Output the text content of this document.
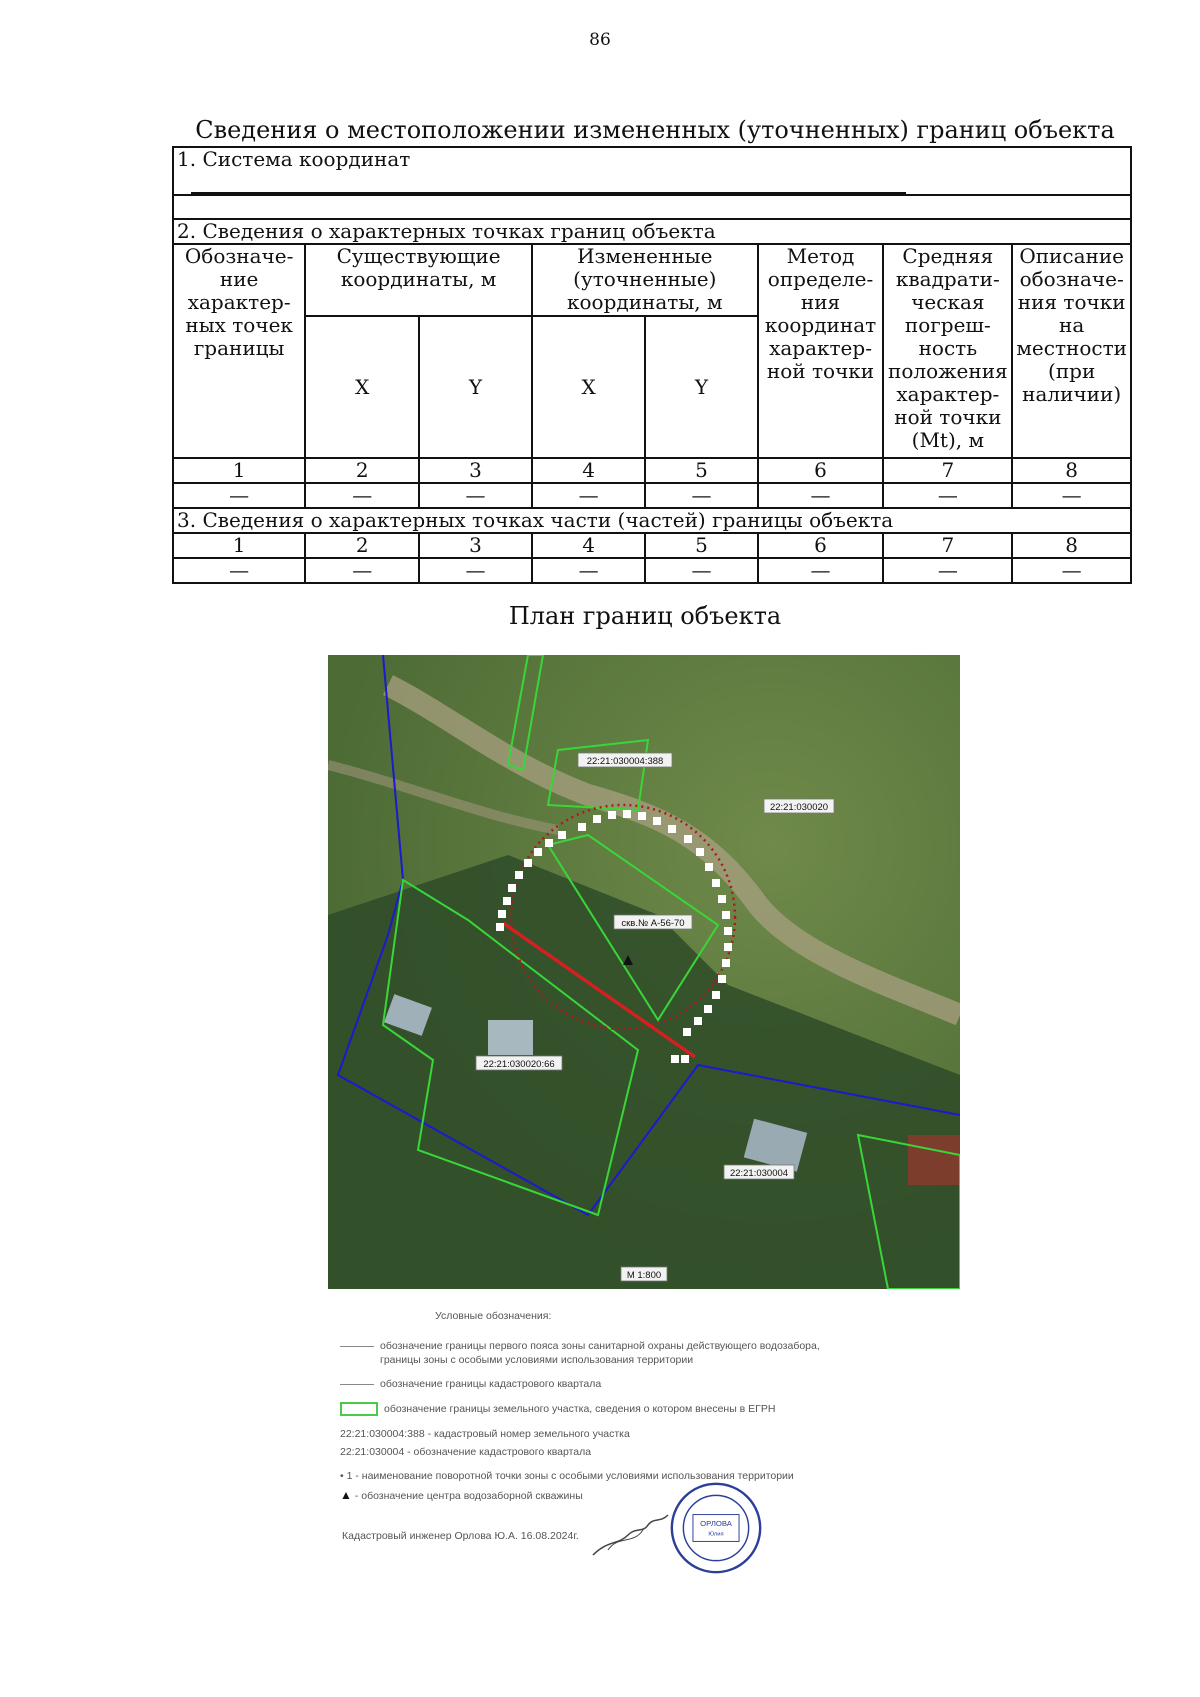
86
Сведения о местоположении измененных (уточненных) границ объекта
1. Система координат							

2. Сведения о характерных точках границ объекта							
Обозначе-ние характер-ных точек границы	Существующие координаты, м		Измененные (уточненные) координаты, м		Метод определе-ния координат характер-ной точки	Средняя квадрати-ческая погреш-ность положения характер-ной точки (Mt), м	Описание обозначе-ния точки на местности (при наличии)
	X	Y	X	Y			
1	2	3	4	5	6	7	8
—	—	—	—	—	—	—	—
3. Сведения о характерных точках части (частей) границы объекта							
1	2	3	4	5	6	7	8
—	—	—	—	—	—	—	—
План границ объекта
22:21:030004:388
22:21:030020
скв.№ А-56-70
22:21:030020:66
22:21:030004
М 1:800
Условные обозначения:
обозначение границы первого пояса зоны санитарной охраны действующего водозабора,
границы зоны с особыми условиями использования территории
обозначение границы кадастрового квартала
обозначение границы земельного участка, сведения о котором внесены в ЕГРН
22:21:030004:388 - кадастровый номер земельного участка
22:21:030004 - обозначение кадастрового квартала
• 1 - наименование поворотной точки зоны с особыми условиями использования территории
▲ - обозначение центра водозаборной скважины
Кадастровый инженер Орлова Ю.А. 16.08.2024г.
ОРЛОВА
Юлия
